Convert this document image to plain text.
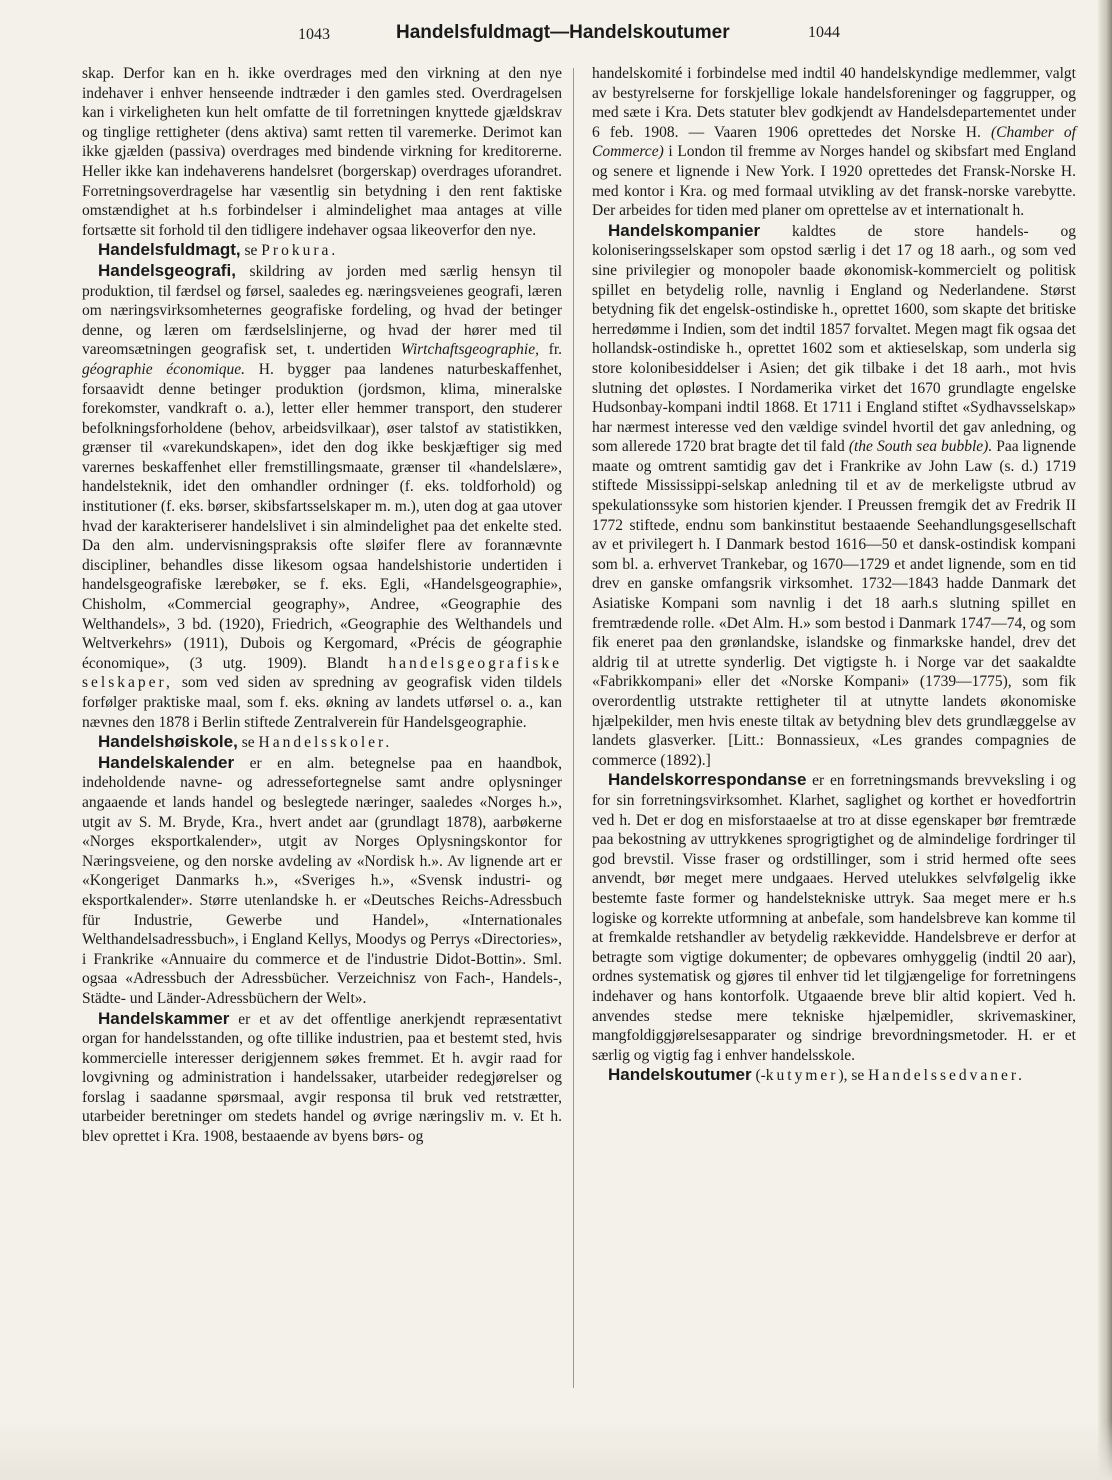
1043	Handelsfuldmagt—Handelskoutumer	1044

skap. Derfor kan en h. ikke overdrages med den virkning at den nye indehaver i enhver henseende indtræder i den gamles sted. Overdragelsen kan i virkeligheten kun helt omfatte de til forretningen knyttede gjældskrav og tinglige rettigheter (dens aktiva) samt retten til varemerke. Derimot kan ikke gjælden (passiva) overdrages med bindende virkning for kreditorerne. Heller ikke kan indehaverens handelsret (borgerskap) overdrages uforandret. Forretningsoverdragelse har væsentlig sin betydning i den rent faktiske omstændighet at h.s forbindelser i almindelighet maa antages at ville fortsætte sit forhold til den tidligere indehaver ogsaa likeoverfor den nye.

Handelsfuldmagt, se Prokura.

Handelsgeografi, skildring av jorden med særlig hensyn til produktion, til færdsel og førsel, saaledes eg. næringsveienes geografi, læren om næringsvirksomheternes geografiske fordeling, og hvad der betinger denne, og læren om færdselslinjerne, og hvad der hører med til vareomsætningen geografisk set, t. undertiden Wirtchaftsgeographie, fr. géographie économique. H. bygger paa landenes naturbeskaffenhet, forsaavidt denne betinger produktion (jordsmon, klima, mineralske forekomster, vandkraft o. a.), letter eller hemmer transport, den studerer befolkningsforholdene (behov, arbeidsvilkaar), øser talstof av statistikken, grænser til «varekundskapen», idet den dog ikke beskjæftiger sig med varernes beskaffenhet eller fremstillingsmaate, grænser til «handelslære», handelsteknik, idet den omhandler ordninger (f. eks. toldforhold) og institutioner (f. eks. børser, skibsfartsselskaper m. m.), uten dog at gaa utover hvad der karakteriserer handelslivet i sin almindelighet paa det enkelte sted. Da den alm. undervisningspraksis ofte sløifer flere av forannævnte discipliner, behandles disse likesom ogsaa handelshistorie undertiden i handelsgeografiske lærebøker, se f. eks. Egli, «Handelsgeographie», Chisholm, «Commercial geography», Andree, «Geographie des Welthandels», 3 bd. (1920), Friedrich, «Geographie des Welthandels und Weltverkehrs» (1911), Dubois og Kergomard, «Précis de géographie économique», (3 utg. 1909). Blandt handelsgeografiske selskaper, som ved siden av spredning av geografisk viden tildels forfølger praktiske maal, som f. eks. økning av landets utførsel o. a., kan nævnes den 1878 i Berlin stiftede Zentralverein für Handelsgeographie.

Handelshøiskole, se Handelsskoler.

Handelskalender er en alm. betegnelse paa en haandbok, indeholdende navne- og adressefortegnelse samt andre oplysninger angaaende et lands handel og beslegtede næringer, saaledes «Norges h.», utgit av S. M. Bryde, Kra., hvert andet aar (grundlagt 1878), aarbøkerne «Norges eksportkalender», utgit av Norges Oplysningskontor for Næringsveiene, og den norske avdeling av «Nordisk h.». Av lignende art er «Kongeriget Danmarks h.», «Sveriges h.», «Svensk industri- og eksportkalender». Større utenlandske h. er «Deutsches Reichs-Adressbuch für Industrie, Gewerbe und Handel», «Internationales Welthandelsadressbuch», i England Kellys, Moodys og Perrys «Directories», i Frankrike «Annuaire du commerce et de l'industrie Didot-Bottin». Sml. ogsaa «Adressbuch der Adressbücher. Verzeichnisz von Fach-, Handels-, Städte- und Länder-Adressbüchern der Welt».

Handelskammer er et av det offentlige anerkjendt repræsentativt organ for handelsstanden, og ofte tillike industrien, paa et bestemt sted, hvis kommercielle interesser derigjennem søkes fremmet. Et h. avgir raad for lovgivning og administration i handelssaker, utarbeider redegjørelser og forslag i saadanne spørsmaal, avgir responsa til bruk ved retstrætter, utarbeider beretninger om stedets handel og øvrige næringsliv m. v. Et h. blev oprettet i Kra. 1908, bestaaende av byens børs- og

handelskomité i forbindelse med indtil 40 handelskyndige medlemmer, valgt av bestyrelserne for forskjellige lokale handelsforeninger og faggrupper, og med sæte i Kra. Dets statuter blev godkjendt av Handelsdepartementet under 6 feb. 1908. — Vaaren 1906 oprettedes det Norske H. (Chamber of Commerce) i London til fremme av Norges handel og skibsfart med England og senere et lignende i New York. I 1920 oprettedes det Fransk-Norske H. med kontor i Kra. og med formaal utvikling av det fransk-norske varebytte. Der arbeides for tiden med planer om oprettelse av et internationalt h.

Handelskompanier kaldtes de store handels- og koloniseringsselskaper som opstod særlig i det 17 og 18 aarh., og som ved sine privilegier og monopoler baade økonomisk-kommercielt og politisk spillet en betydelig rolle, navnlig i England og Nederlandene. Størst betydning fik det engelsk-ostindiske h., oprettet 1600, som skapte det britiske herredømme i Indien, som det indtil 1857 forvaltet. Megen magt fik ogsaa det hollandsk-ostindiske h., oprettet 1602 som et aktieselskap, som underla sig store kolonibesiddelser i Asien; det gik tilbake i det 18 aarh., mot hvis slutning det opløstes. I Nordamerika virket det 1670 grundlagte engelske Hudsonbay-kompani indtil 1868. Et 1711 i England stiftet «Sydhavsselskap» har nærmest interesse ved den vældige svindel hvortil det gav anledning, og som allerede 1720 brat bragte det til fald (the South sea bubble). Paa lignende maate og omtrent samtidig gav det i Frankrike av John Law (s. d.) 1719 stiftede Mississippi-selskap anledning til et av de merkeligste utbrud av spekulationssyke som historien kjender. I Preussen fremgik det av Fredrik II 1772 stiftede, endnu som bankinstitut bestaaende Seehandlungsgesellschaft av et privilegert h. I Danmark bestod 1616—50 et dansk-ostindisk kompani som bl. a. erhvervet Trankebar, og 1670—1729 et andet lignende, som en tid drev en ganske omfangsrik virksomhet. 1732—1843 hadde Danmark det Asiatiske Kompani som navnlig i det 18 aarh.s slutning spillet en fremtrædende rolle. «Det Alm. H.» som bestod i Danmark 1747—74, og som fik eneret paa den grønlandske, islandske og finmarkske handel, drev det aldrig til at utrette synderlig. Det vigtigste h. i Norge var det saakaldte «Fabrikkompani» eller det «Norske Kompani» (1739—1775), som fik overordentlig utstrakte rettigheter til at utnytte landets økonomiske hjælpekilder, men hvis eneste tiltak av betydning blev dets grundlæggelse av landets glasverker. [Litt.: Bonnassieux, «Les grandes compagnies de commerce (1892).]

Handelskorrespondanse er en forretningsmands brevveksling i og for sin forretningsvirksomhet. Klarhet, saglighet og korthet er hovedfortrin ved h. Det er dog en misforstaaelse at tro at disse egenskaper bør fremtræde paa bekostning av uttrykkenes sprogrigtighet og de almindelige fordringer til god brevstil. Visse fraser og ordstillinger, som i strid hermed ofte sees anvendt, bør meget mere undgaaes. Herved utelukkes selvfølgelig ikke bestemte faste former og handelstekniske uttryk. Saa meget mere er h.s logiske og korrekte utformning at anbefale, som handelsbreve kan komme til at fremkalde retshandler av betydelig rækkevidde. Handelsbreve er derfor at betragte som vigtige dokumenter; de opbevares omhyggelig (indtil 20 aar), ordnes systematisk og gjøres til enhver tid let tilgjængelige for forretningens indehaver og hans kontorfolk. Utgaaende breve blir altid kopiert. Ved h. anvendes stedse mere tekniske hjælpemidler, skrivemaskiner, mangfoldiggjørelsesapparater og sindrige brevordningsmetoder. H. er et særlig og vigtig fag i enhver handelsskole.

Handelskoutumer (-kutymer), se Handelssedvaner.
